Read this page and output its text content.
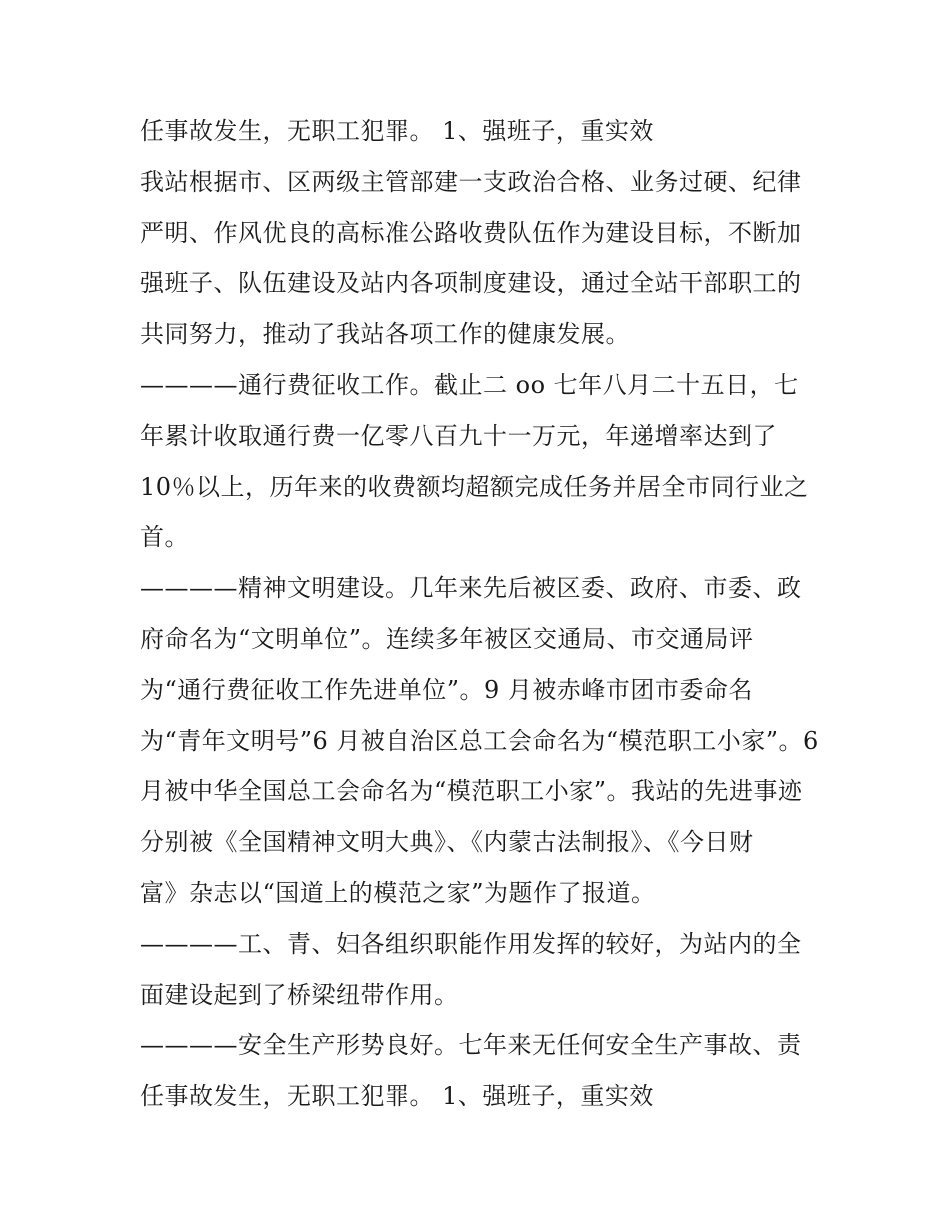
任事故发生，无职工犯罪。 1、强班子，重实效
我站根据市、区两级主管部建一支政治合格、业务过硬、纪律
严明、作风优良的高标准公路收费队伍作为建设目标，不断加
强班子、队伍建设及站内各项制度建设，通过全站干部职工的
共同努力，推动了我站各项工作的健康发展。
————通行费征收工作。截止二 oo 七年八月二十五日，七
年累计收取通行费一亿零八百九十一万元，年递增率达到了
10％以上，历年来的收费额均超额完成任务并居全市同行业之
首。
————精神文明建设。几年来先后被区委、政府、市委、政
府命名为“文明单位”。连续多年被区交通局、市交通局评
为“通行费征收工作先进单位”。9 月被赤峰市团市委命名
为“青年文明号”6 月被自治区总工会命名为“模范职工小家”。6
月被中华全国总工会命名为“模范职工小家”。我站的先进事迹
分别被《全国精神文明大典》、《内蒙古法制报》、《今日财
富》杂志以“国道上的模范之家”为题作了报道。
————工、青、妇各组织职能作用发挥的较好，为站内的全
面建设起到了桥梁纽带作用。
————安全生产形势良好。七年来无任何安全生产事故、责
任事故发生，无职工犯罪。 1、强班子，重实效
